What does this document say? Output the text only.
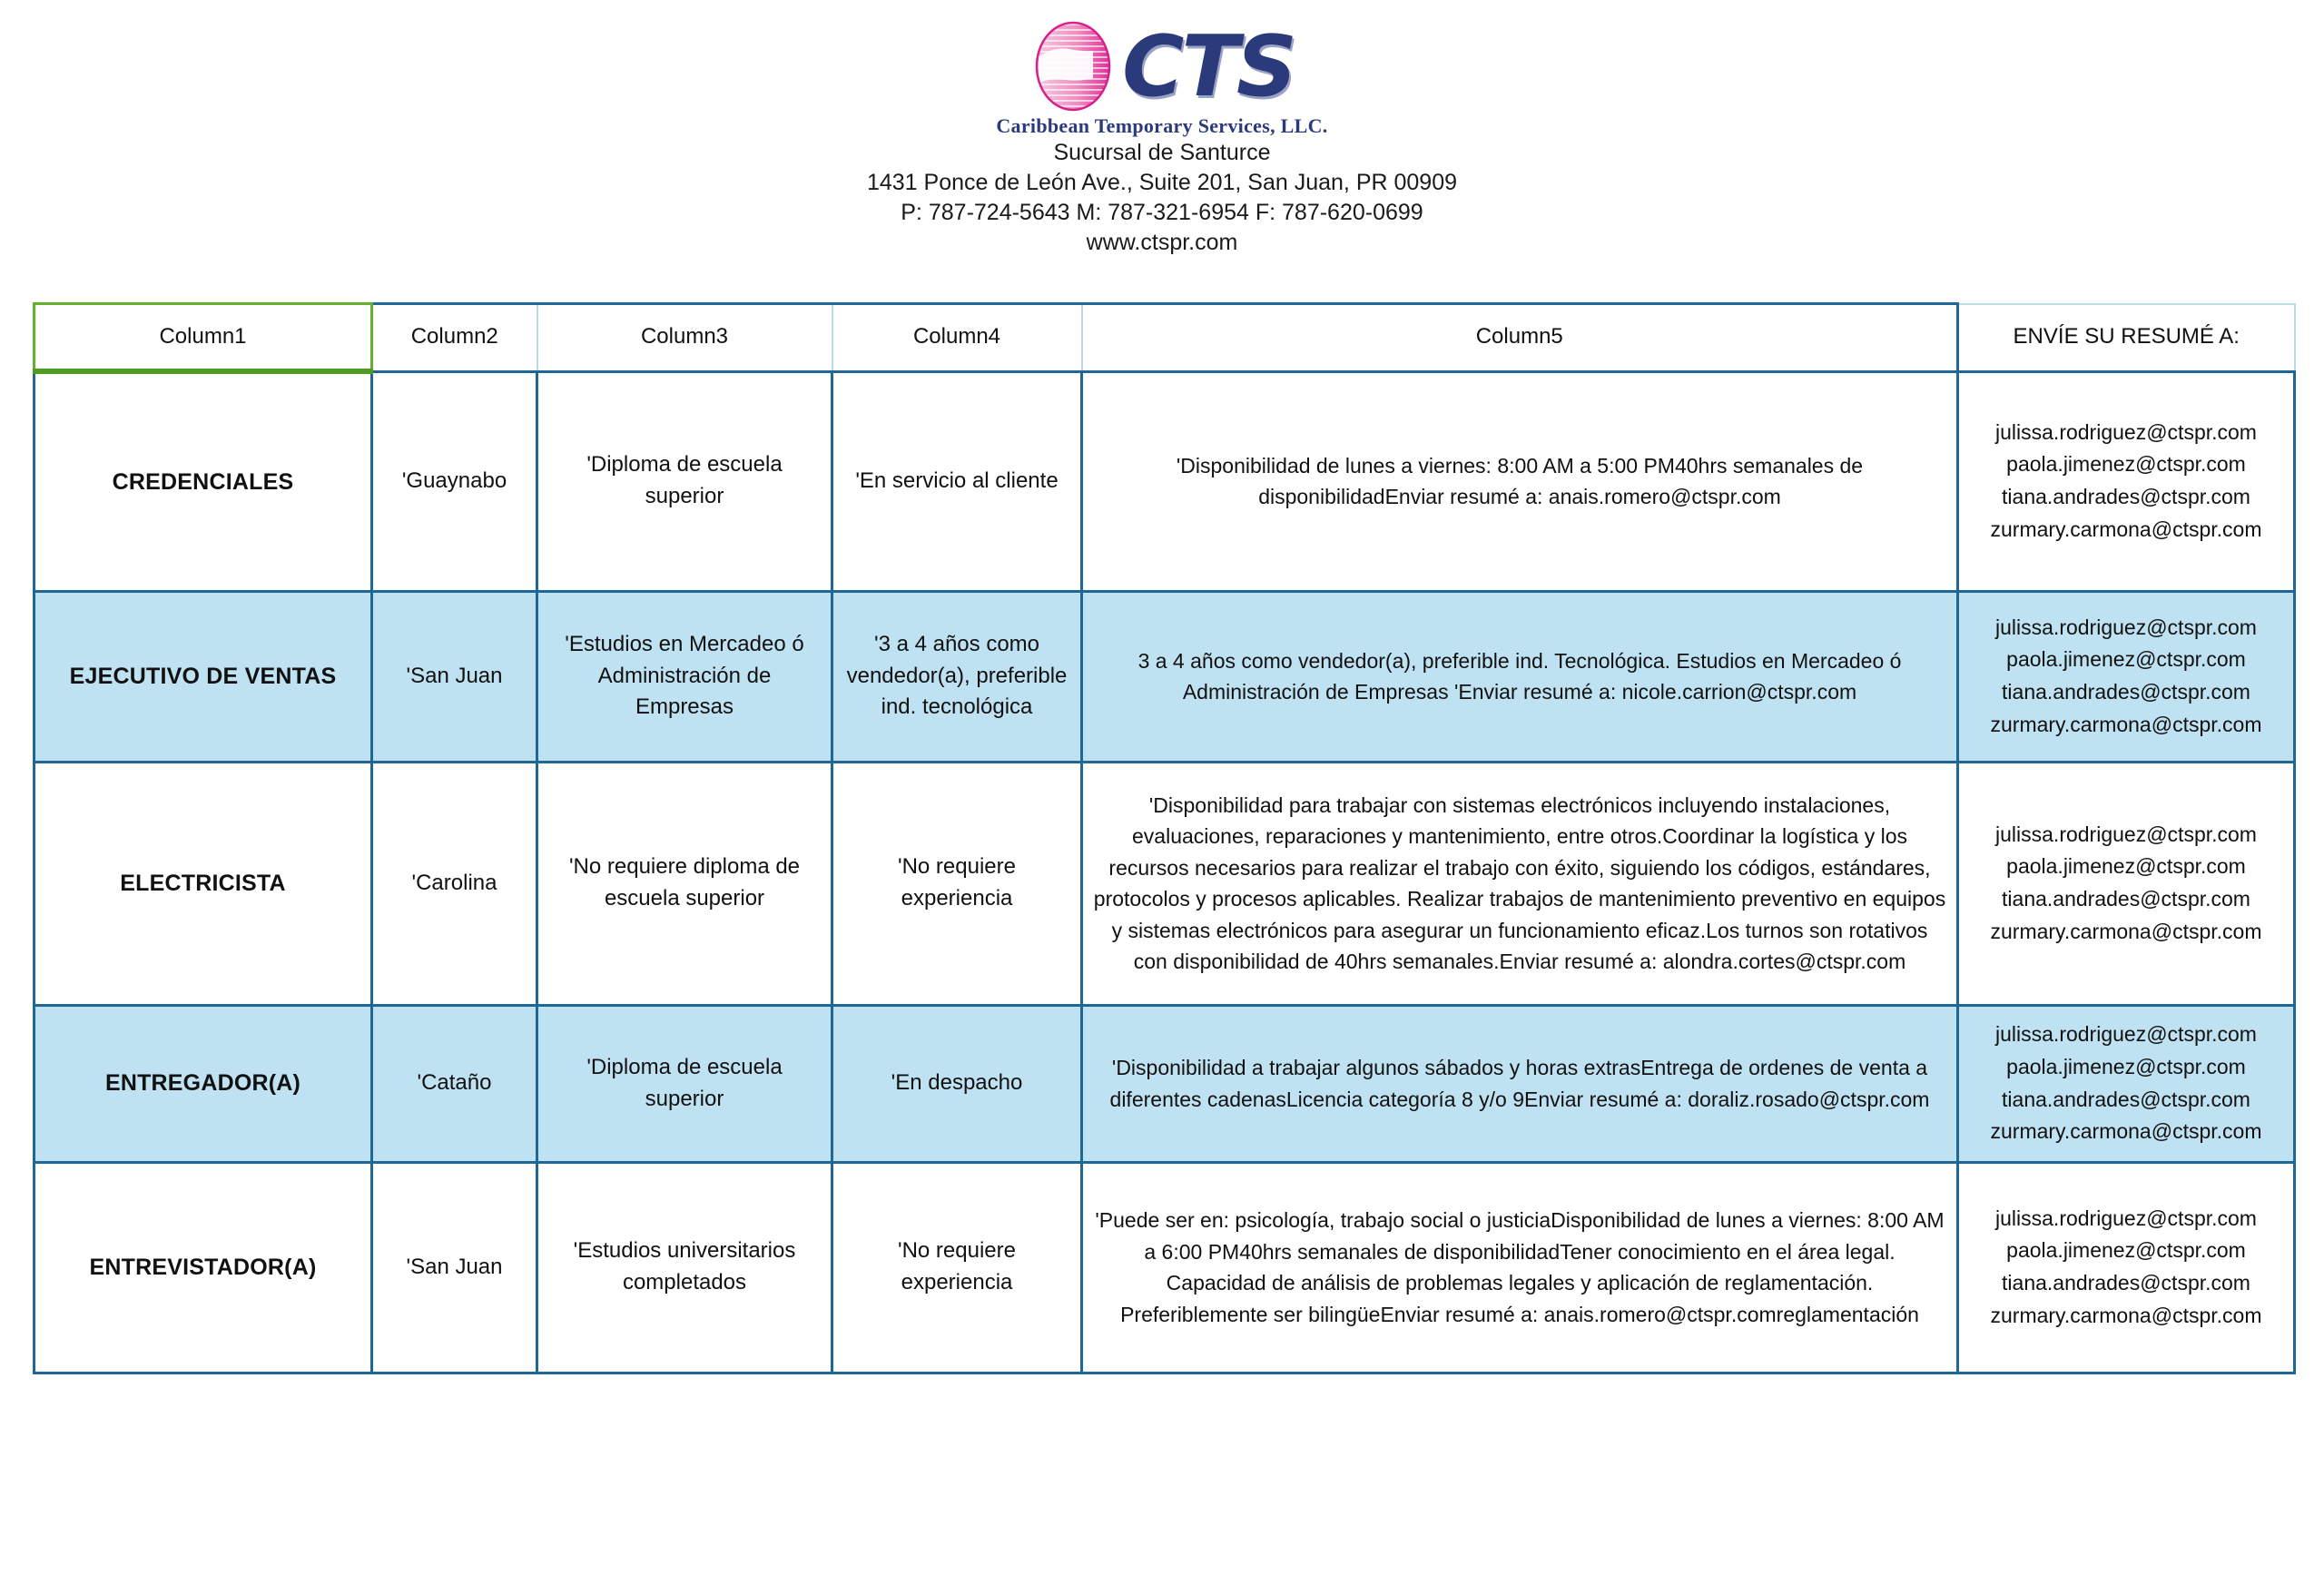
CTS
Caribbean Temporary Services, LLC.
Sucursal de Santurce
1431 Ponce de León Ave., Suite 201, San Juan, PR 00909
P: 787-724-5643 M: 787-321-6954 F: 787-620-0699
www.ctspr.com
Column1	Column2	Column3	Column4	Column5	ENVÍE SU RESUMÉ A:
CREDENCIALES	'Guaynabo	'Diploma de escuela superior	'En servicio al cliente	'Disponibilidad de lunes a viernes: 8:00 AM a 5:00 PM40hrs semanales de disponibilidadEnviar resumé a: anais.romero@ctspr.com	julissa.rodriguez@ctspr.com
paola.jimenez@ctspr.com
tiana.andrades@ctspr.com
zurmary.carmona@ctspr.com

EJECUTIVO DE VENTAS	'San Juan	'Estudios en Mercadeo ó Administración de Empresas	'3 a 4 años como vendedor(a), preferible ind. tecnológica	3 a 4 años como vendedor(a), preferible ind. Tecnológica. Estudios en Mercadeo ó Administración de Empresas 'Enviar resumé a: nicole.carrion@ctspr.com	julissa.rodriguez@ctspr.com
paola.jimenez@ctspr.com
tiana.andrades@ctspr.com
zurmary.carmona@ctspr.com

ELECTRICISTA	'Carolina	'No requiere diploma de escuela superior	'No requiere experiencia	'Disponibilidad para trabajar con sistemas electrónicos incluyendo instalaciones, evaluaciones, reparaciones y mantenimiento, entre otros.Coordinar la logística y los recursos necesarios para realizar el trabajo con éxito, siguiendo los códigos, estándares, protocolos y procesos aplicables. Realizar trabajos de mantenimiento preventivo en equipos y sistemas electrónicos para asegurar un funcionamiento eficaz.Los turnos son rotativos con disponibilidad de 40hrs semanales.Enviar resumé a: alondra.cortes@ctspr.com	
julissa.rodriguez@ctspr.com
paola.jimenez@ctspr.com
tiana.andrades@ctspr.com
zurmary.carmona@ctspr.com

ENTREGADOR(A)	'Cataño	'Diploma de escuela superior	'En despacho	'Disponibilidad a trabajar algunos sábados y horas extrasEntrega de ordenes de venta a diferentes cadenasLicencia categoría 8 y/o 9Enviar resumé a: doraliz.rosado@ctspr.com	julissa.rodriguez@ctspr.com
paola.jimenez@ctspr.com
tiana.andrades@ctspr.com
zurmary.carmona@ctspr.com

ENTREVISTADOR(A)	'San Juan	'Estudios universitarios completados	'No requiere experiencia	'Puede ser en: psicología, trabajo social o justiciaDisponibilidad de lunes a viernes: 8:00 AM a 6:00 PM40hrs semanales de disponibilidadTener conocimiento en el área legal. Capacidad de análisis de problemas legales y aplicación de reglamentación. Preferiblemente ser bilingüeEnviar resumé a: anais.romero@ctspr.comreglamentación	
julissa.rodriguez@ctspr.com
paola.jimenez@ctspr.com
tiana.andrades@ctspr.com
zurmary.carmona@ctspr.com
